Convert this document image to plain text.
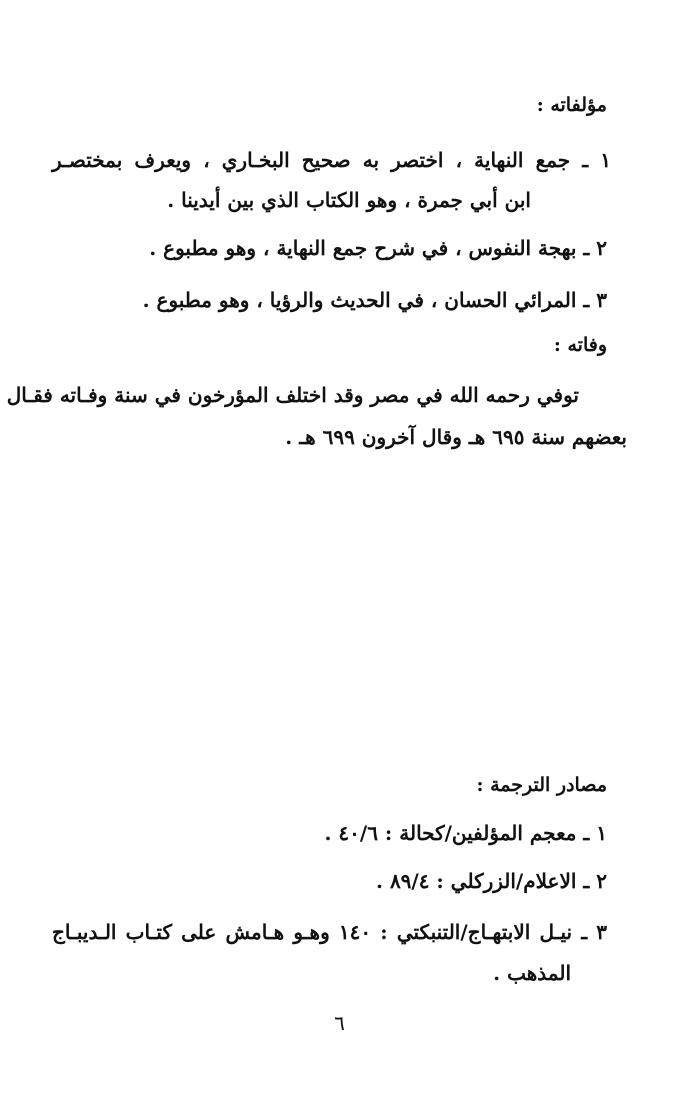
مؤلفاته :
١ ـ جمع النهاية ، اختصر به صحيح البخـاري ، ويعرف بمختصـر
ابن أبي جمرة ، وهو الكتاب الذي بين أيدينا .
٢ ـ بهجة النفوس ، في شرح جمع النهاية ، وهو مطبوع .
٣ ـ المرائي الحسان ، في الحديث والرؤيا ، وهو مطبوع .
وفاته :
توفي رحمه الله في مصر وقد اختلف المؤرخون في سنة وفـاته فقـال
بعضهم سنة ٦٩٥ هـ وقال آخرون ٦٩٩ هـ .
مصادر الترجمة :
١ ـ معجم المؤلفين/كحالة : ٤٠/٦ .
٢ ـ الاعلام/الزركلي : ٨٩/٤ .
٣ ـ نيـل الابتهـاج/التنبكتي : ١٤٠ وهـو هـامش على كتـاب الـديبـاج
المذهب .
٦
